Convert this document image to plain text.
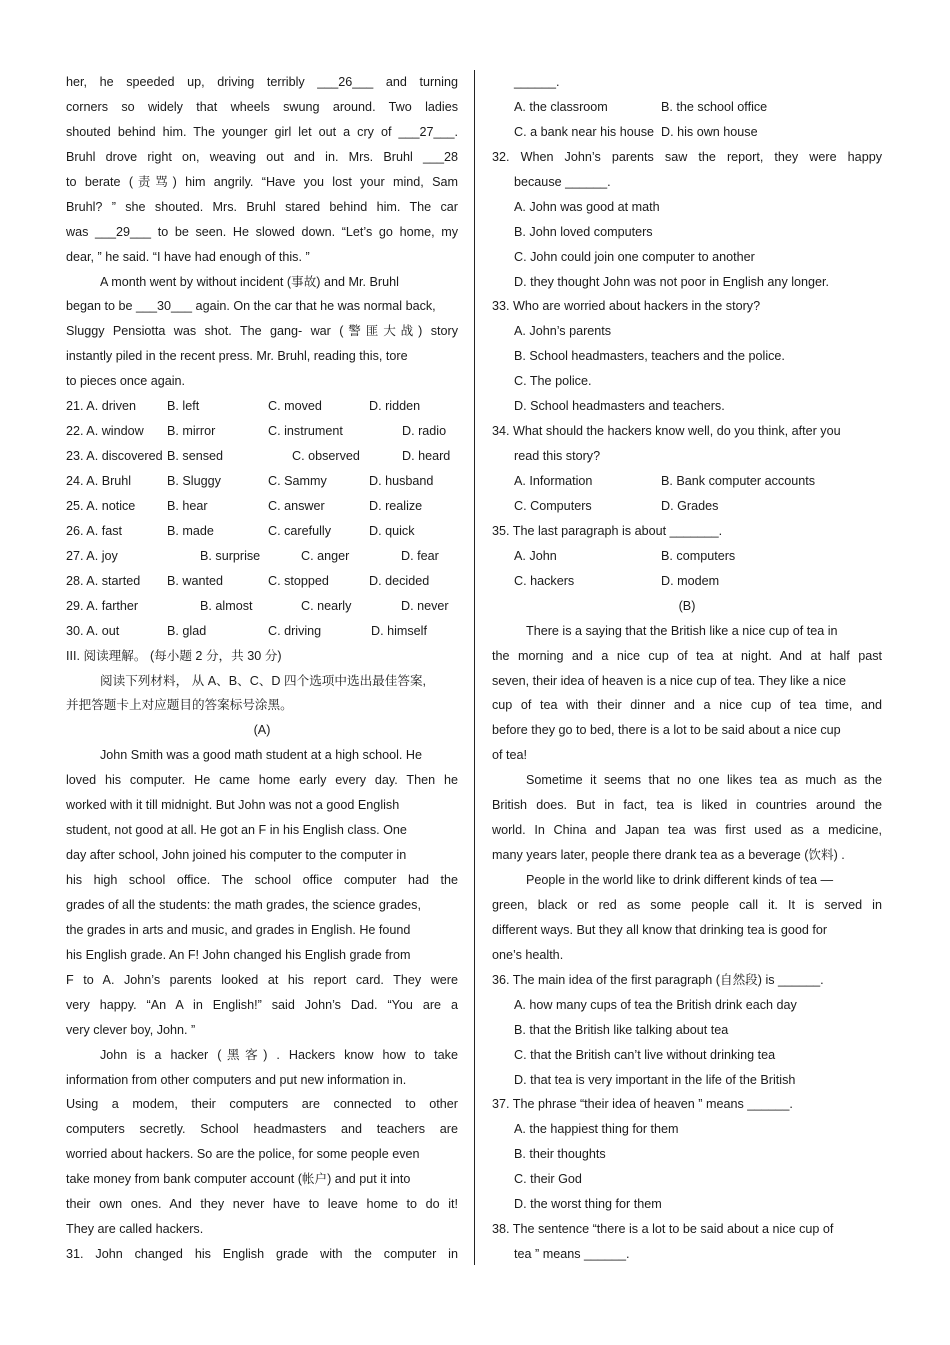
her, he speeded up, driving terribly ___26___ and turning
corners so widely that wheels swung around. Two ladies
shouted behind him. The younger girl let out a cry of ___27___.
Bruhl drove right on, weaving out and in. Mrs. Bruhl ___28
to berate (责骂) him angrily. “Have you lost your mind, Sam
Bruhl? ” she shouted. Mrs. Bruhl stared behind him. The car
was ___29___ to be seen. He slowed down. “Let’s go home, my
dear, ” he said. “I have had enough of this. ”
A month went by without incident (事故) and Mr. Bruhl
began to be ___30___ again. On the car that he was normal back,
Sluggy Pensiotta was shot. The gang- war (警匪大战) story
instantly piled in the recent press. Mr. Bruhl, reading this, tore
to pieces once again.
21. A. driven	B. left	C. moved	D. ridden
22. A. window	B. mirror	C. instrument	D. radio
23. A. discovered B. sensed	C. observed	D. heard
24. A. Bruhl	B. Sluggy	C. Sammy	D. husband
25. A. notice	B. hear	C. answer	D. realize
26. A. fast	B. made	C. carefully	D. quick
27. A. joy	B. surprise	C. anger	D. fear
28. A. started	B. wanted	C. stopped	D. decided
29. A. farther	B. almost	C. nearly	D. never
30. A. out	B. glad	C. driving	D. himself
III. 阅读理解。 (每小题 2 分，共 30 分)
阅读下列材料， 从 A、B、C、D 四个选项中选出最佳答案,
并把答题卡上对应题目的答案标号涂黑。
(A)
John Smith was a good math student at a high school. He
loved his computer. He came home early every day. Then he
worked with it till midnight. But John was not a good English
student, not good at all. He got an F in his English class. One
day after school, John joined his computer to the computer in
his high school office. The school office computer had the
grades of all the students: the math grades, the science grades,
the grades in arts and music, and grades in English. He found
his English grade. An F! John changed his English grade from
F to A. John’s parents looked at his report card. They were
very happy. “An A in English!” said John’s Dad. “You are a
very clever boy, John. ”
John is a hacker (黑客) . Hackers know how to take
information from other computers and put new information in.
Using a modem, their computers are connected to other
computers secretly. School headmasters and teachers are
worried about hackers. So are the police, for some people even
take money from bank computer account (帐户) and put it into
their own ones. And they never have to leave home to do it!
They are called hackers.
31. John changed his English grade with the computer in
______.
A. the classroom	B. the school office
C. a bank near his house D. his own house
32. When John’s parents saw the report, they were happy
because ______.
A. John was good at math
B. John loved computers
C. John could join one computer to another
D. they thought John was not poor in English any longer.
33. Who are worried about hackers in the story?
A. John’s parents
B. School headmasters, teachers and the police.
C. The police.
D. School headmasters and teachers.
34. What should the hackers know well, do you think, after you
read this story?
A. Information	B. Bank computer accounts
C. Computers	D. Grades
35. The last paragraph is about _______.
A. John	B. computers
C. hackers	D. modem
(B)
There is a saying that the British like a nice cup of tea in
the morning and a nice cup of tea at night. And at half past
seven, their idea of heaven is a nice cup of tea. They like a nice
cup of tea with their dinner and a nice cup of tea time, and
before they go to bed, there is a lot to be said about a nice cup
of tea!
Sometime it seems that no one likes tea as much as the
British does. But in fact, tea is liked in countries around the
world. In China and Japan tea was first used as a medicine,
many years later, people there drank tea as a beverage (饮料) .
People in the world like to drink different kinds of tea —
green, black or red as some people call it. It is served in
different ways. But they all know that drinking tea is good for
one’s health.
36. The main idea of the first paragraph (自然段) is ______.
A. how many cups of tea the British drink each day
B. that the British like talking about tea
C. that the British can’t live without drinking tea
D. that tea is very important in the life of the British
37. The phrase “their idea of heaven ” means ______.
A. the happiest thing for them
B. their thoughts
C. their God
D. the worst thing for them
38. The sentence “there is a lot to be said about a nice cup of
tea ” means ______.
